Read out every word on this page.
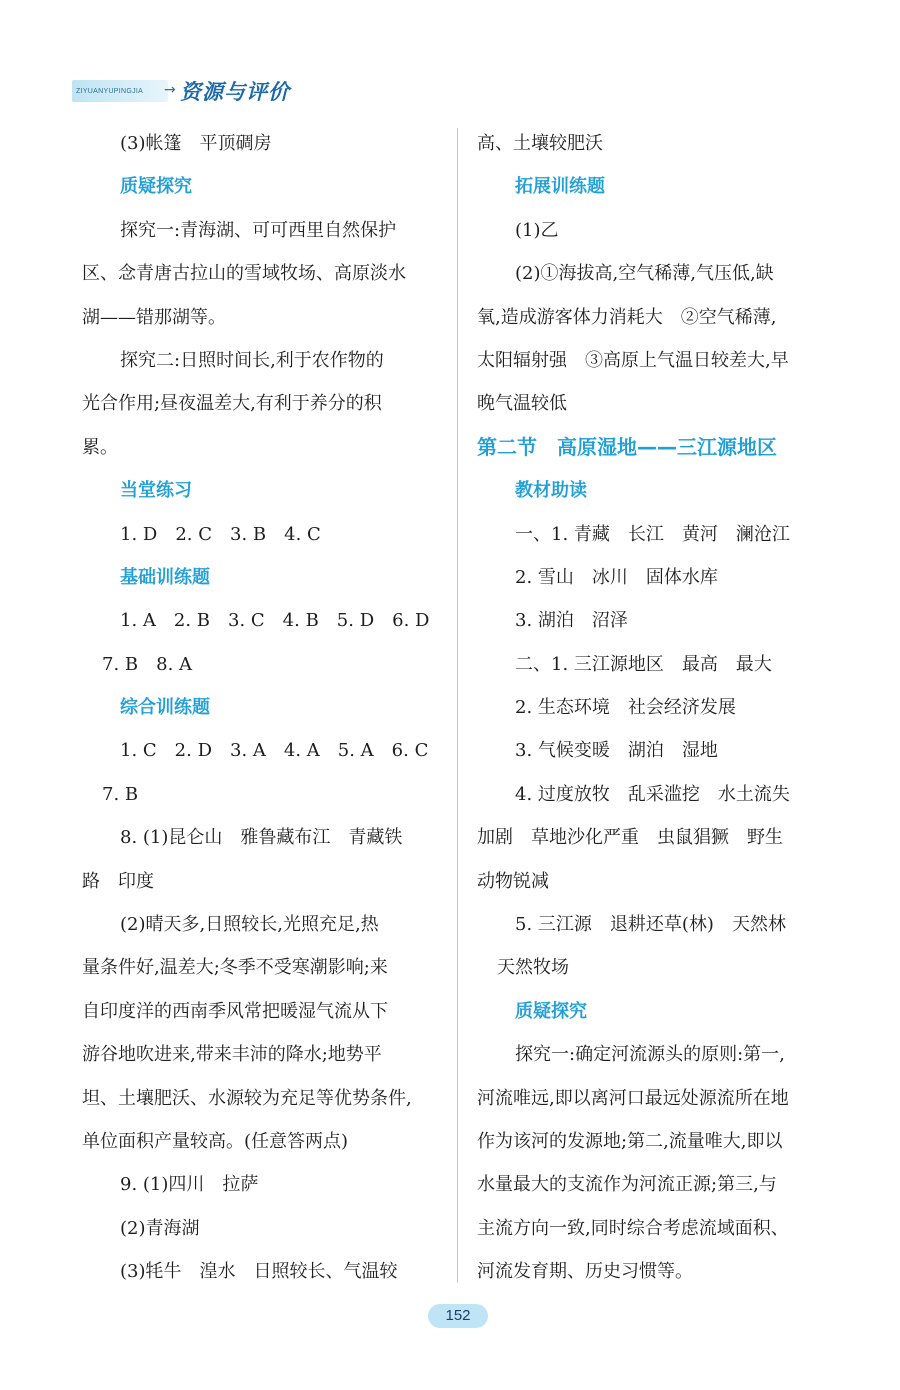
ZIYUANYUPINGJIA → 资源与评价
(3)帐篷　平顶碉房
质疑探究
探究一:青海湖、可可西里自然保护
区、念青唐古拉山的雪域牧场、高原淡水
湖——错那湖等。
探究二:日照时间长,利于农作物的
光合作用;昼夜温差大,有利于养分的积
累。
当堂练习
1. D　2. C　3. B　4. C
基础训练题
1. A　2. B　3. C　4. B　5. D　6. D
7. B　8. A
综合训练题
1. C　2. D　3. A　4. A　5. A　6. C
7. B
8. (1)昆仑山　雅鲁藏布江　青藏铁
路　印度
(2)晴天多,日照较长,光照充足,热
量条件好,温差大;冬季不受寒潮影响;来
自印度洋的西南季风常把暖湿气流从下
游谷地吹进来,带来丰沛的降水;地势平
坦、土壤肥沃、水源较为充足等优势条件,
单位面积产量较高。(任意答两点)
9. (1)四川　拉萨
(2)青海湖
(3)牦牛　湟水　日照较长、气温较
高、土壤较肥沃
拓展训练题
(1)乙
(2)①海拔高,空气稀薄,气压低,缺
氧,造成游客体力消耗大　②空气稀薄,
太阳辐射强　③高原上气温日较差大,早
晚气温较低
第二节　高原湿地——三江源地区
教材助读
一、1. 青藏　长江　黄河　澜沧江
2. 雪山　冰川　固体水库
3. 湖泊　沼泽
二、1. 三江源地区　最高　最大
2. 生态环境　社会经济发展
3. 气候变暖　湖泊　湿地
4. 过度放牧　乱采滥挖　水土流失
加剧　草地沙化严重　虫鼠猖獗　野生
动物锐减
5. 三江源　退耕还草(林)　天然林
天然牧场
质疑探究
探究一:确定河流源头的原则:第一,
河流唯远,即以离河口最远处源流所在地
作为该河的发源地;第二,流量唯大,即以
水量最大的支流作为河流正源;第三,与
主流方向一致,同时综合考虑流域面积、
河流发育期、历史习惯等。
152
